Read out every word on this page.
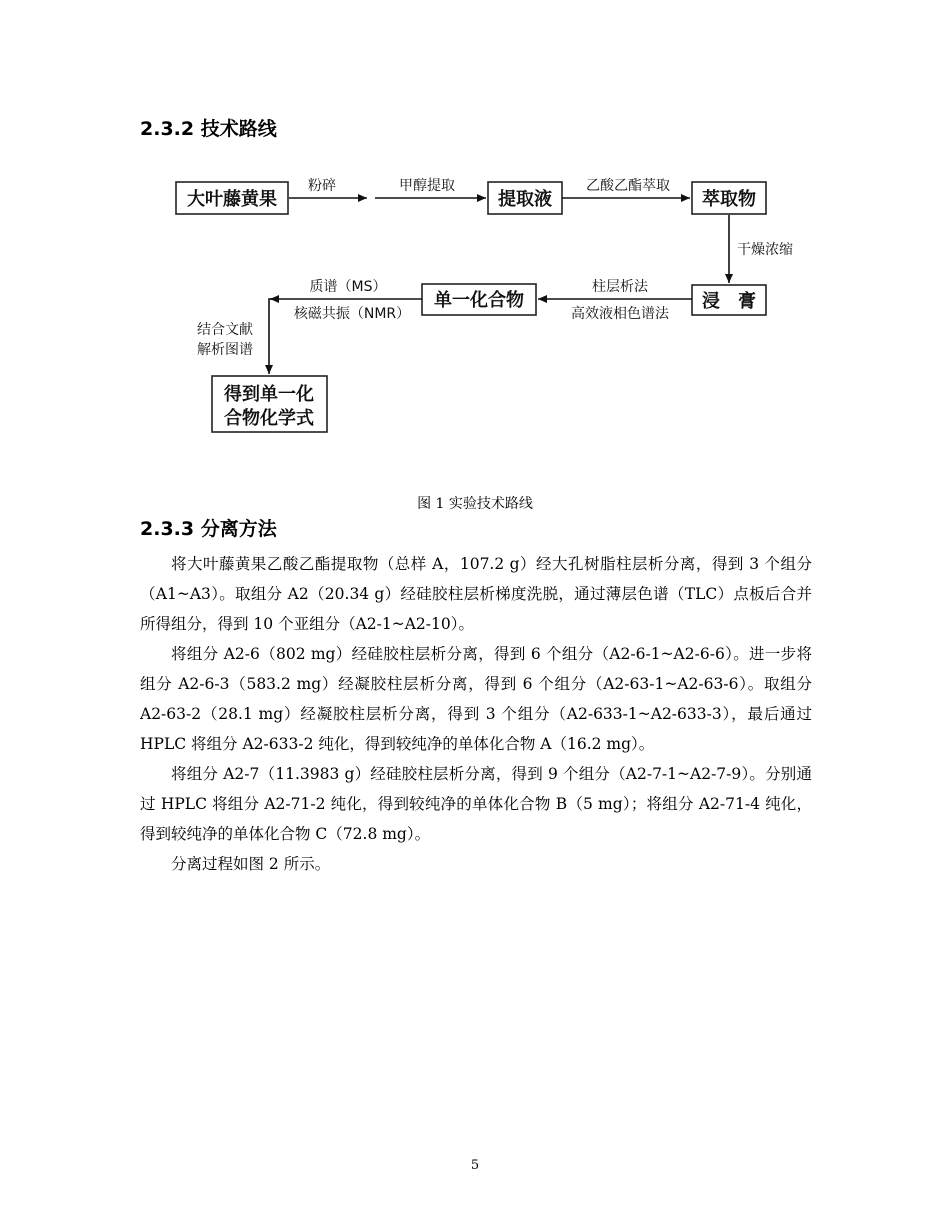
2.3.2 技术路线
大叶藤黄果	提取液	萃取物
浸　膏
单一化合物
得到单一化
合物化学式
粉碎	甲醇提取	乙酸乙酯萃取
干燥浓缩
柱层析法
高效液相色谱法
质谱（MS）
核磁共振（NMR）
结合文献
解析图谱
图 1 实验技术路线
2.3.3 分离方法

将大叶藤黄果乙酸乙酯提取物（总样 A，107.2 g）经大孔树脂柱层析分离，得到 3 个组分（A1~A3）。取组分 A2（20.34 g）经硅胶柱层析梯度洗脱，通过薄层色谱（TLC）点板后合并所得组分，得到 10 个亚组分（A2-1~A2-10）。

将组分 A2-6（802 mg）经硅胶柱层析分离，得到 6 个组分（A2-6-1~A2-6-6）。进一步将组分 A2-6-3（583.2 mg）经凝胶柱层析分离，得到 6 个组分（A2-63-1~A2-63-6）。取组分 A2-63-2（28.1 mg）经凝胶柱层析分离，得到 3 个组分（A2-633-1~A2-633-3），最后通过 HPLC 将组分 A2-633-2 纯化，得到较纯净的单体化合物 A（16.2 mg）。

将组分 A2-7（11.3983 g）经硅胶柱层析分离，得到 9 个组分（A2-7-1~A2-7-9）。分别通过 HPLC 将组分 A2-71-2 纯化，得到较纯净的单体化合物 B（5 mg）；将组分 A2-71-4 纯化，得到较纯净的单体化合物 C（72.8 mg）。

分离过程如图 2 所示。

5
